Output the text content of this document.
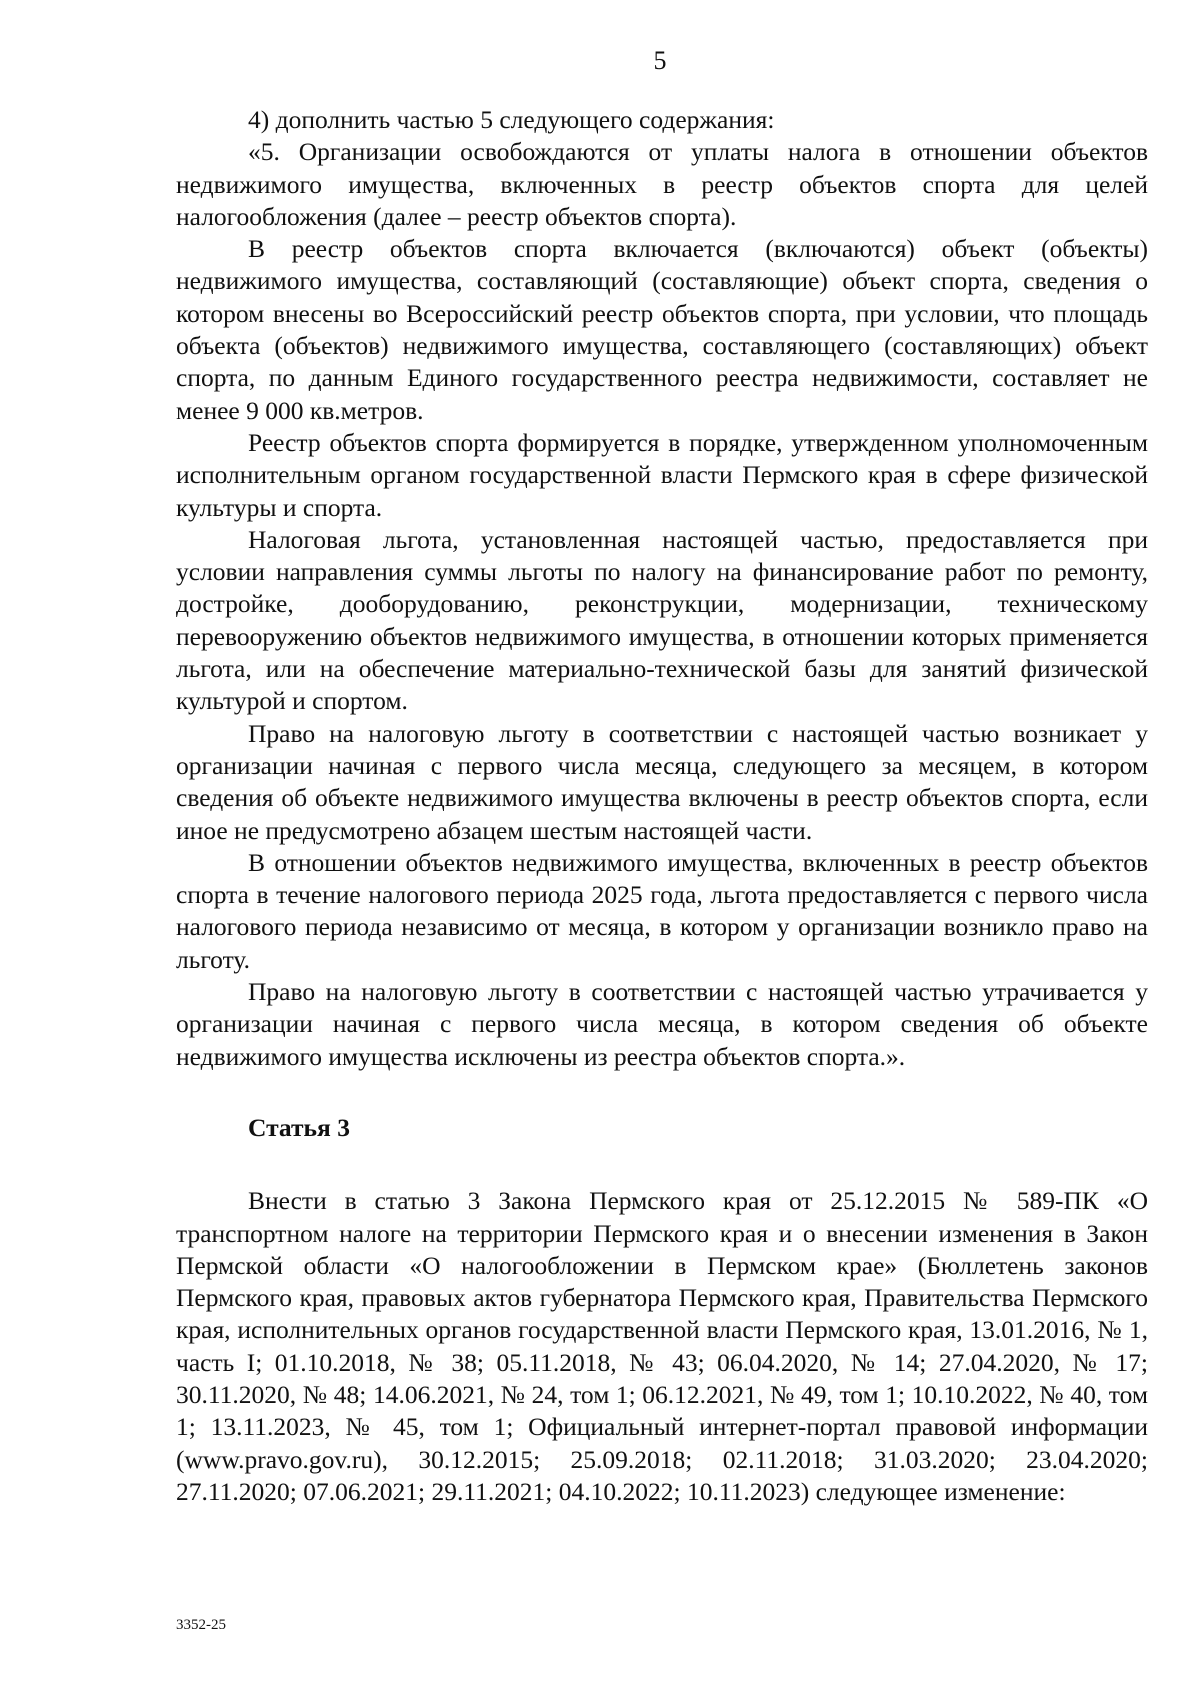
5

4) дополнить частью 5 следующего содержания:

«5. Организации освобождаются от уплаты налога в отношении объектов недвижимого имущества, включенных в реестр объектов спорта для целей налогообложения (далее – реестр объектов спорта).

В реестр объектов спорта включается (включаются) объект (объекты) недвижимого имущества, составляющий (составляющие) объект спорта, сведения о котором внесены во Всероссийский реестр объектов спорта, при условии, что площадь объекта (объектов) недвижимого имущества, составляющего (составляющих) объект спорта, по данным Единого государственного реестра недвижимости, составляет не менее 9 000 кв.метров.

Реестр объектов спорта формируется в порядке, утвержденном уполномоченным исполнительным органом государственной власти Пермского края в сфере физической культуры и спорта.

Налоговая льгота, установленная настоящей частью, предоставляется при условии направления суммы льготы по налогу на финансирование работ по ремонту, достройке, дооборудованию, реконструкции, модернизации, техническому перевооружению объектов недвижимого имущества, в отношении которых применяется льгота, или на обеспечение материально-технической базы для занятий физической культурой и спортом.

Право на налоговую льготу в соответствии с настоящей частью возникает у организации начиная с первого числа месяца, следующего за месяцем, в котором сведения об объекте недвижимого имущества включены в реестр объектов спорта, если иное не предусмотрено абзацем шестым настоящей части.

В отношении объектов недвижимого имущества, включенных в реестр объектов спорта в течение налогового периода 2025 года, льгота предоставляется с первого числа налогового периода независимо от месяца, в котором у организации возникло право на льготу.

Право на налоговую льготу в соответствии с настоящей частью утрачивается у организации начиная с первого числа месяца, в котором сведения об объекте недвижимого имущества исключены из реестра объектов спорта.».

Статья 3

Внести в статью 3 Закона Пермского края от 25.12.2015 № 589-ПК «О транспортном налоге на территории Пермского края и о внесении изменения в Закон Пермской области «О налогообложении в Пермском крае» (Бюллетень законов Пермского края, правовых актов губернатора Пермского края, Правительства Пермского края, исполнительных органов государственной власти Пермского края, 13.01.2016, № 1, часть I; 01.10.2018, № 38; 05.11.2018, № 43; 06.04.2020, № 14; 27.04.2020, № 17; 30.11.2020, № 48; 14.06.2021, № 24, том 1; 06.12.2021, № 49, том 1; 10.10.2022, № 40, том 1; 13.11.2023, № 45, том 1; Официальный интернет-портал правовой информации (www.pravo.gov.ru), 30.12.2015; 25.09.2018; 02.11.2018; 31.03.2020; 23.04.2020; 27.11.2020; 07.06.2021; 29.11.2021; 04.10.2022; 10.11.2023) следующее изменение:

3352-25
